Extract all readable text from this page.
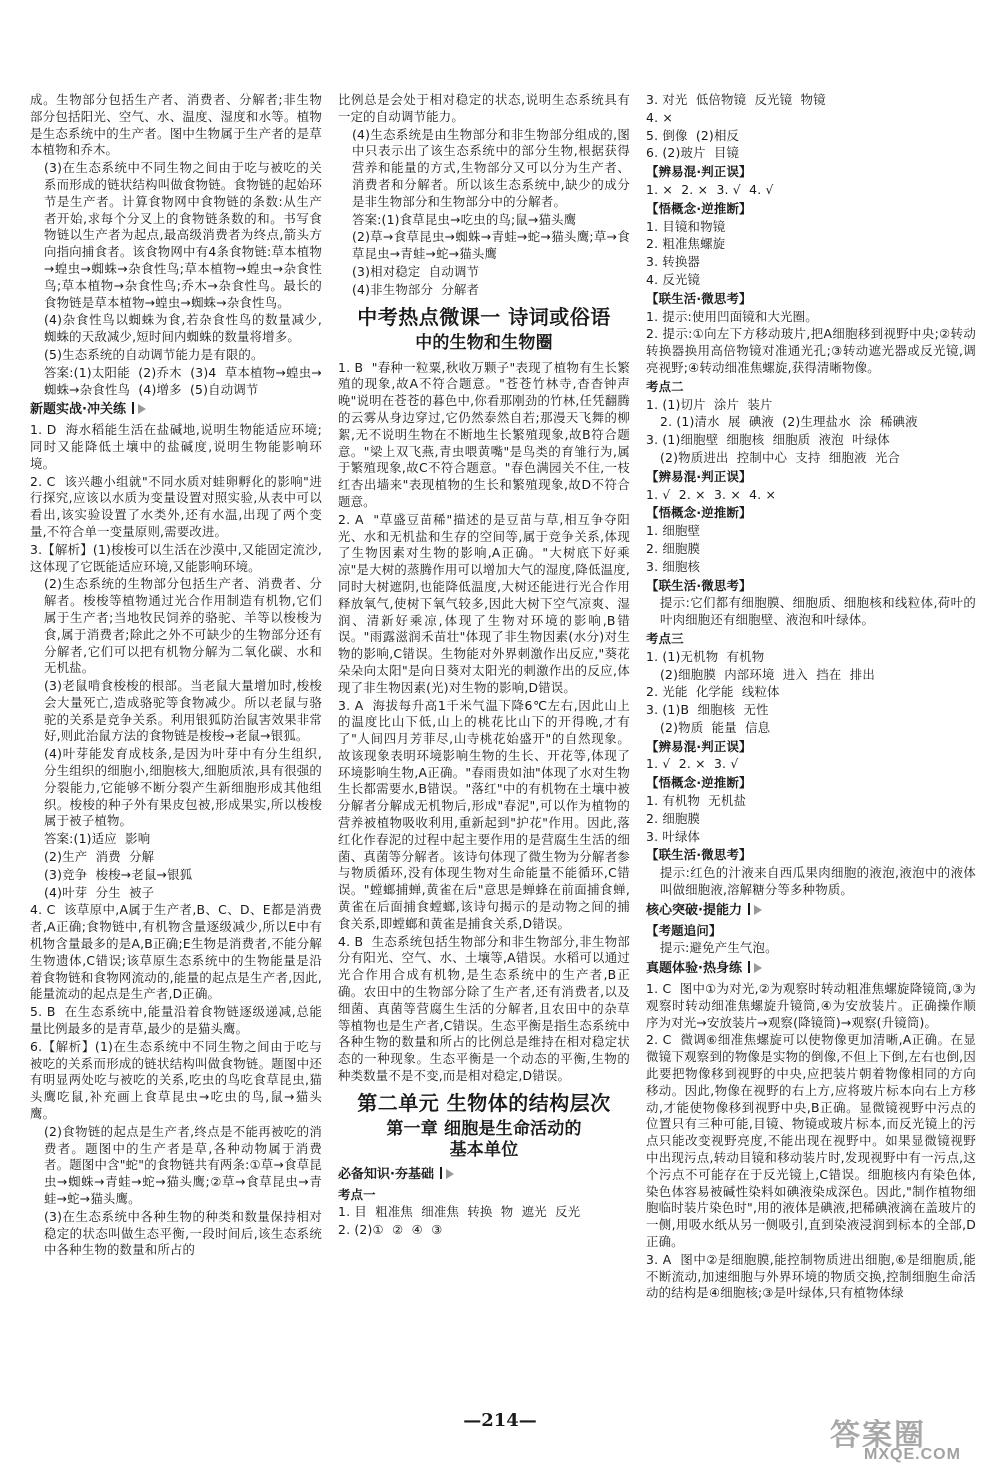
成。生物部分包括生产者、消费者、分解者;非生物部分包括阳光、空气、水、温度、湿度和水等。植物是生态系统中的生产者。图中生物属于生产者的是草本植物和乔木。

(3)在生态系统中不同生物之间由于吃与被吃的关系而形成的链状结构叫做食物链。食物链的起始环节是生产者。计算食物网中食物链的条数:从生产者开始,求每个分叉上的食物链条数的和。书写食物链以生产者为起点,最高级消费者为终点,箭头方向指向捕食者。该食物网中有4条食物链:草本植物→蝗虫→蜘蛛→杂食性鸟;草本植物→蝗虫→杂食性鸟;草本植物→杂食性鸟;乔木→杂食性鸟。最长的食物链是草本植物→蝗虫→蜘蛛→杂食性鸟。

(4)杂食性鸟以蜘蛛为食,若杂食性鸟的数量减少,蜘蛛的天敌减少,短时间内蜘蛛的数量将增多。

(5)生态系统的自动调节能力是有限的。

答案:(1)太阳能  (2)乔木  (3)4  草本植物→蝗虫→蜘蛛→杂食性鸟  (4)增多  (5)自动调节

新题实战·冲关练

1. D  海水稻能生活在盐碱地,说明生物能适应环境;同时又能降低土壤中的盐碱度,说明生物能影响环境。

2. C  该兴趣小组就"不同水质对蛙卵孵化的影响"进行探究,应该以水质为变量设置对照实验,从表中可以看出,该实验设置了水类外,还有水温,出现了两个变量,不符合单一变量原则,需要改进。

3.【解析】(1)梭梭可以生活在沙漠中,又能固定流沙,这体现了它既能适应环境,又能影响环境。

(2)生态系统的生物部分包括生产者、消费者、分解者。梭梭等植物通过光合作用制造有机物,它们属于生产者;当地牧民饲养的骆驼、羊等以梭梭为食,属于消费者;除此之外不可缺少的生物部分还有分解者,它们可以把有机物分解为二氧化碳、水和无机盐。

(3)老鼠啃食梭梭的根部。当老鼠大量增加时,梭梭会大量死亡,造成骆驼等食物减少。所以老鼠与骆驼的关系是竞争关系。利用银狐防治鼠害效果非常好,则此治鼠方法的食物链是梭梭→老鼠→银狐。

(4)叶芽能发育成枝条,是因为叶芽中有分生组织,分生组织的细胞小,细胞核大,细胞质浓,具有很强的分裂能力,它能够不断分裂产生新细胞形成其他组织。梭梭的种子外有果皮包被,形成果实,所以梭梭属于被子植物。

答案:(1)适应  影响

(2)生产  消费  分解

(3)竞争  梭梭→老鼠→银狐

(4)叶芽  分生  被子

4. C  该草原中,A属于生产者,B、C、D、E都是消费者,A正确;食物链中,有机物含量逐级减少,所以E中有机物含量最多的是A,B正确;E生物是消费者,不能分解生物遗体,C错误;该草原生态系统中的生物能量是沿着食物链和食物网流动的,能量的起点是生产者,因此,能量流动的起点是生产者,D正确。

5. B  在生态系统中,能量沿着食物链逐级递减,总能量比例最多的是青草,最少的是猫头鹰。

6.【解析】(1)在生态系统中不同生物之间由于吃与被吃的关系而形成的链状结构叫做食物链。题图中还有明显两处吃与被吃的关系,吃虫的鸟吃食草昆虫,猫头鹰吃鼠,补充画上食草昆虫→吃虫的鸟,鼠→猫头鹰。

(2)食物链的起点是生产者,终点是不能再被吃的消费者。题图中的生产者是草,各种动物属于消费者。题图中含"蛇"的食物链共有两条:①草→食草昆虫→蜘蛛→青蛙→蛇→猫头鹰;②草→食草昆虫→青蛙→蛇→猫头鹰。

(3)在生态系统中各种生物的种类和数量保持相对稳定的状态叫做生态平衡,一段时间后,该生态系统中各种生物的数量和所占的

比例总是会处于相对稳定的状态,说明生态系统具有一定的自动调节能力。

(4)生态系统是由生物部分和非生物部分组成的,图中只表示出了该生态系统中的部分生物,根据获得营养和能量的方式,生物部分又可以分为生产者、消费者和分解者。所以该生态系统中,缺少的成分是非生物部分和生物部分中的分解者。

答案:(1)食草昆虫→吃虫的鸟;鼠→猫头鹰

(2)草→食草昆虫→蜘蛛→青蛙→蛇→猫头鹰;草→食草昆虫→青蛙→蛇→猫头鹰

(3)相对稳定  自动调节

(4)非生物部分  分解者

中考热点微课一 诗词或俗语
中的生物和生物圈

1. B  "春种一粒粟,秋收万颗子"表现了植物有生长繁殖的现象,故A不符合题意。"苍苍竹林寺,杳杳钟声晚"说明在苍苍的暮色中,你看那刚劲的竹林,任凭翻腾的云雾从身边穿过,它仍然泰然自若;那漫天飞舞的柳絮,无不说明生物在不断地生长繁殖现象,故B符合题意。"梁上双飞燕,青虫喂黄嘴"是鸟类的育雏行为,属于繁殖现象,故C不符合题意。"春色满园关不住,一枝红杏出墙来"表现植物的生长和繁殖现象,故D不符合题意。

2. A  "草盛豆苗稀"描述的是豆苗与草,相互争夺阳光、水和无机盐和生存的空间等,属于竞争关系,体现了生物因素对生物的影响,A正确。"大树底下好乘凉"是大树的蒸腾作用可以增加大气的湿度,降低温度,同时大树遮阴,也能降低温度,大树还能进行光合作用释放氧气,使树下氧气较多,因此大树下空气凉爽、湿润、清新好乘凉,体现了生物对环境的影响,B错误。"雨露滋润禾苗壮"体现了非生物因素(水分)对生物的影响,C错误。生物能对外界刺激作出反应,"葵花朵朵向太阳"是向日葵对太阳光的刺激作出的反应,体现了非生物因素(光)对生物的影响,D错误。

3. A  海拔每升高1千米气温下降6℃左右,因此山上的温度比山下低,山上的桃花比山下的开得晚,才有了"人间四月芳菲尽,山寺桃花始盛开"的自然现象。故该现象表明环境影响生物的生长、开花等,体现了环境影响生物,A正确。"春雨贵如油"体现了水对生物生长都需要水,B错误。"落红"中的有机物在土壤中被分解者分解成无机物后,形成"春泥",可以作为植物的营养被植物吸收利用,重新起到"护花"作用。因此,落红化作春泥的过程中起主要作用的是营腐生生活的细菌、真菌等分解者。该诗句体现了微生物为分解者参与物质循环,没有体现生物对生命能量不能循环,C错误。"螳螂捕蝉,黄雀在后"意思是蝉蜂在前面捕食蝉,黄雀在后面捕食螳螂,该诗句揭示的是动物之间的捕食关系,即螳螂和黄雀是捕食关系,D错误。

4. B  生态系统包括生物部分和非生物部分,非生物部分有阳光、空气、水、土壤等,A错误。水稻可以通过光合作用合成有机物,是生态系统中的生产者,B正确。农田中的生物部分除了生产者,还有消费者,以及细菌、真菌等营腐生生活的分解者,且农田中的杂草等植物也是生产者,C错误。生态平衡是指生态系统中各种生物的数量和所占的比例总是维持在相对稳定状态的一种现象。生态平衡是一个动态的平衡,生物的种类数量不是不变,而是相对稳定,D错误。

第二单元 生物体的结构层次
第一章 细胞是生命活动的
基本单位
必备知识·夯基础
考点一

1. 目  粗准焦  细准焦  转换  物  遮光  反光

2. (2)①  ②  ④  ③

3. 对光  低倍物镜  反光镜  物镜

4. ×

5. 倒像  (2)相反

6. (2)玻片  目镜

【辨易混·判正误】

1. ×  2. ×  3. √  4. √

【悟概念·逆推断】

1. 目镜和物镜

2. 粗准焦螺旋

3. 转换器

4. 反光镜

【联生活·微思考】

1. 提示:使用凹面镜和大光圈。

2. 提示:①向左下方移动玻片,把A细胞移到视野中央;②转动转换器换用高倍物镜对准通光孔;③转动遮光器或反光镜,调亮视野;④转动细准焦螺旋,获得清晰物像。

考点二

1. (1)切片  涂片  装片

2. (1)清水  展  碘液  (2)生理盐水  涂  稀碘液

3. (1)细胞壁  细胞核  细胞质  液泡  叶绿体

(2)物质进出  控制中心  支持  细胞液  光合

【辨易混·判正误】

1. √  2. ×  3. ×  4. ×

【悟概念·逆推断】

1. 细胞壁

2. 细胞膜

3. 细胞核

【联生活·微思考】

提示:它们都有细胞膜、细胞质、细胞核和线粒体,荷叶的叶肉细胞还有细胞壁、液泡和叶绿体。

考点三

1. (1)无机物  有机物

(2)细胞膜  内部环境  进入  挡在  排出

2. 光能  化学能  线粒体

3. (1)B  细胞核  无性

(2)物质  能量  信息

【辨易混·判正误】

1. √  2. ×  3. √

【悟概念·逆推断】

1. 有机物  无机盐

2. 细胞膜

3. 叶绿体

【联生活·微思考】

提示:红色的汁液来自西瓜果肉细胞的液泡,液泡中的液体叫做细胞液,溶解糖分等多种物质。

核心突破·提能力
【考题追问】

提示:避免产生气泡。

真题体验·热身练

1. C  图中①为对光,②为观察时转动粗准焦螺旋降镜筒,③为观察时转动细准焦螺旋升镜筒,④为安放装片。正确操作顺序为对光→安放装片→观察(降镜筒)→观察(升镜筒)。

2. C  微调⑥细准焦螺旋可以使物像更加清晰,A正确。在显微镜下观察到的物像是实物的倒像,不但上下倒,左右也倒,因此要把物像移到视野的中央,应把装片朝着物像相同的方向移动。因此,物像在视野的右上方,应将玻片标本向右上方移动,才能使物像移到视野中央,B正确。显微镜视野中污点的位置只有三种可能,目镜、物镜或玻片标本,而反光镜上的污点只能改变视野亮度,不能出现在视野中。如果显微镜视野中出现污点,转动目镜和移动装片时,发现视野中有一污点,这个污点不可能存在于反光镜上,C错误。细胞核内有染色体,染色体容易被碱性染料如碘液染成深色。因此,"制作植物细胞临时装片染色时",用的液体是碘液,把稀碘液滴在盖玻片的一侧,用吸水纸从另一侧吸引,直到染液浸润到标本的全部,D正确。

3. A  图中②是细胞膜,能控制物质进出细胞,⑥是细胞质,能不断流动,加速细胞与外界环境的物质交换,控制细胞生命活动的结构是④细胞核;③是叶绿体,只有植物体绿

—214—	答案圈
MXQE.COM
